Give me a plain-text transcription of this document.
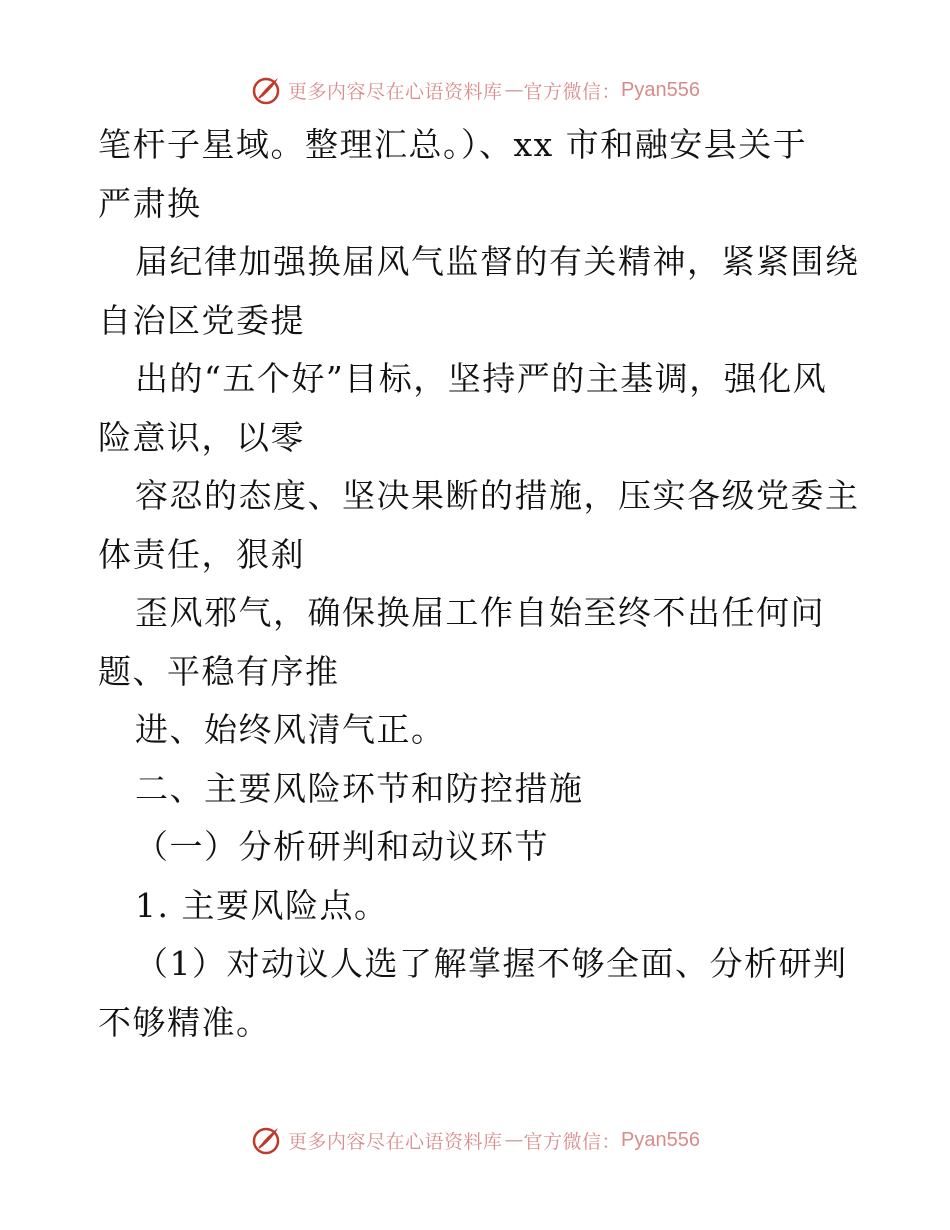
更多内容尽在心语资料库 — 官方微信： Pyan556
笔杆子星域。整理汇总。）、xx 市和融安县关于
严肃换
届纪律加强换届风气监督的有关精神，紧紧围绕
自治区党委提
出的“五个好”目标，坚持严的主基调，强化风
险意识，以零
容忍的态度、坚决果断的措施，压实各级党委主
体责任，狠刹
歪风邪气，确保换届工作自始至终不出任何问
题、平稳有序推
进、始终风清气正。
二、主要风险环节和防控措施
（一）分析研判和动议环节
1. 主要风险点。
（1）对动议人选了解掌握不够全面、分析研判
不够精准。
更多内容尽在心语资料库 — 官方微信： Pyan556
